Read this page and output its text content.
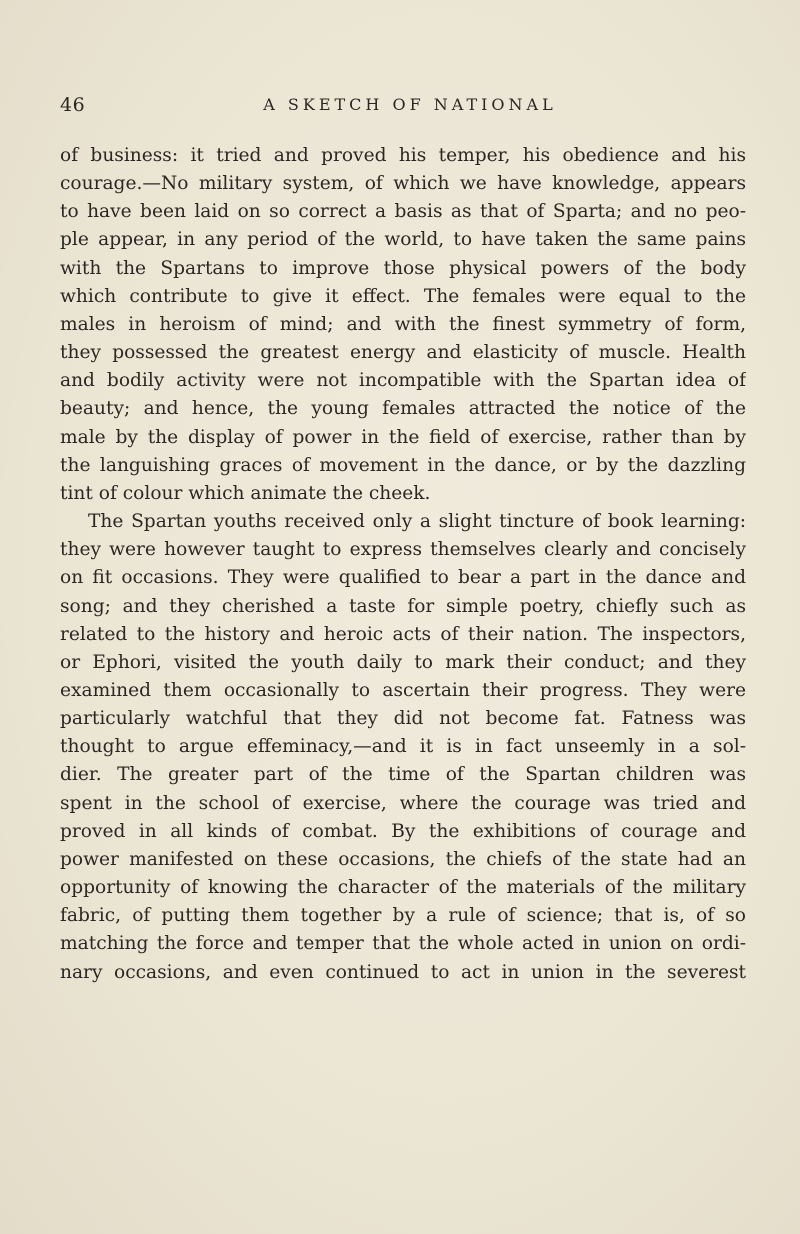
46	A SKETCH OF NATIONAL

of business: it tried and proved his temper, his obedience and his
courage.—No military system, of which we have knowledge, appears
to have been laid on so correct a basis as that of Sparta; and no peo-
ple appear, in any period of the world, to have taken the same pains
with the Spartans to improve those physical powers of the body
which contribute to give it effect. The females were equal to the
males in heroism of mind; and with the finest symmetry of form,
they possessed the greatest energy and elasticity of muscle. Health
and bodily activity were not incompatible with the Spartan idea of
beauty; and hence, the young females attracted the notice of the
male by the display of power in the field of exercise, rather than by
the languishing graces of movement in the dance, or by the dazzling
tint of colour which animate the cheek.

The Spartan youths received only a slight tincture of book learning:
they were however taught to express themselves clearly and concisely
on fit occasions. They were qualified to bear a part in the dance and
song; and they cherished a taste for simple poetry, chiefly such as
related to the history and heroic acts of their nation. The inspectors,
or Ephori, visited the youth daily to mark their conduct; and they
examined them occasionally to ascertain their progress. They were
particularly watchful that they did not become fat. Fatness was
thought to argue effeminacy,—and it is in fact unseemly in a sol-
dier. The greater part of the time of the Spartan children was
spent in the school of exercise, where the courage was tried and
proved in all kinds of combat. By the exhibitions of courage and
power manifested on these occasions, the chiefs of the state had an
opportunity of knowing the character of the materials of the military
fabric, of putting them together by a rule of science; that is, of so
matching the force and temper that the whole acted in union on ordi-
nary occasions, and even continued to act in union in the severest
